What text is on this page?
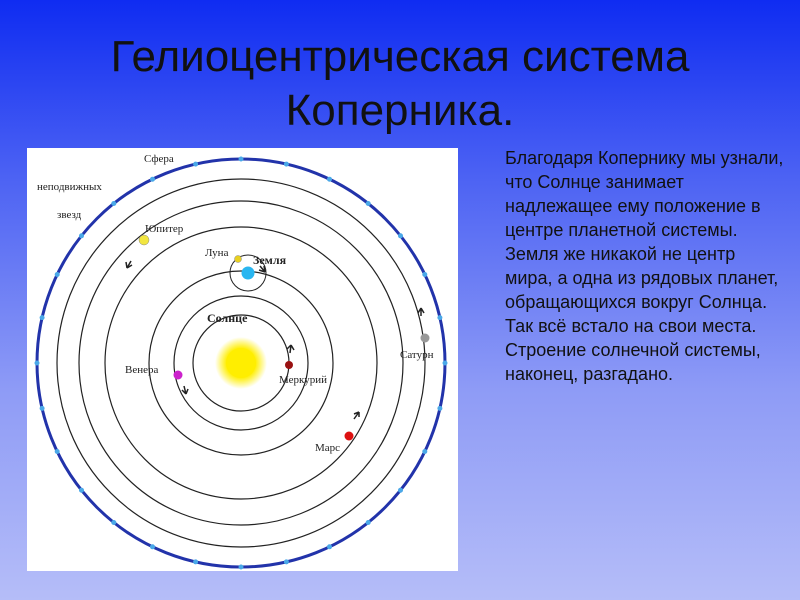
Гелиоцентрическая система
Коперника.
Сфера
неподвижных
звезд
Юпитер
Луна Земля
Солнце
Венера
Меркурий
Сатурн
Марс

Благодаря Копернику мы узнали, что Солнце занимает надлежащее ему положение в центре планетной системы. Земля же никакой не центр мира, а одна из рядовых планет, обращающихся вокруг Солнца. Так всё встало на свои места. Строение солнечной системы, наконец, разгадано.
